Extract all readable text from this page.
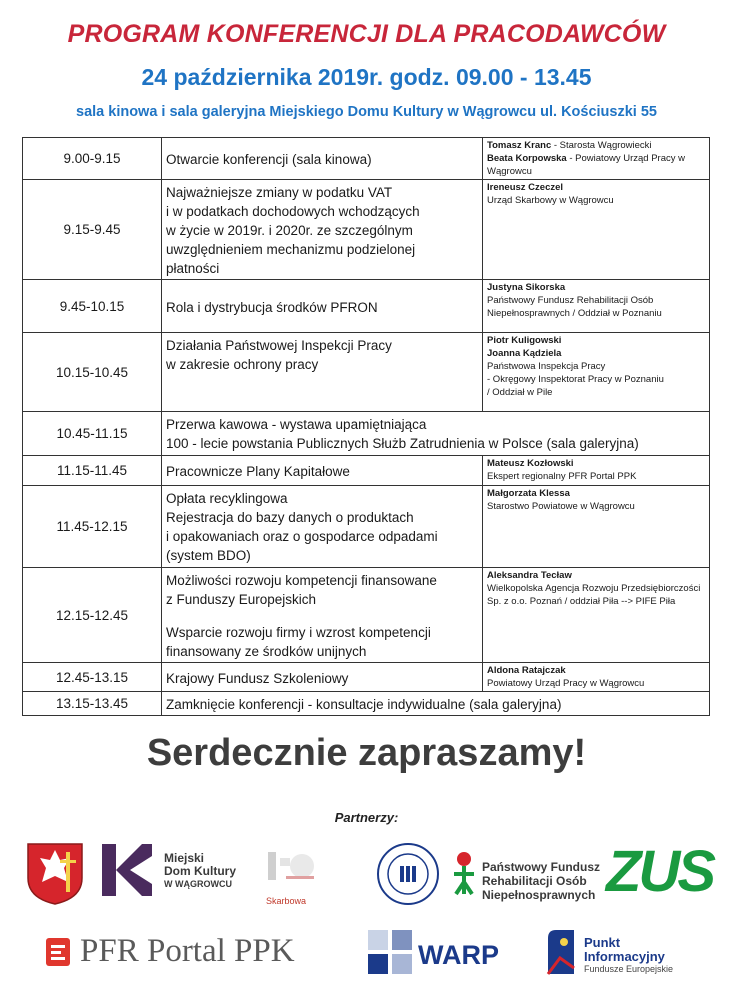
PROGRAM KONFERENCJI DLA PRACODAWCÓW
24 października 2019r. godz. 09.00 - 13.45
sala kinowa i sala galeryjna Miejskiego Domu Kultury w Wągrowcu ul. Kościuszki 55
9.00-9.15	Otwarcie konferencji (sala kinowa)	Tomasz Kranc - Starosta Wągrowiecki
Beata Korpowska - Powiatowy Urząd Pracy w Wągrowcu

9.15-9.45	Najważniejsze zmiany w podatku VAT
i w podatkach dochodowych wchodzących
w życie w 2019r. i 2020r. ze szczególnym
uwzględnieniem mechanizmu podzielonej
płatności	Ireneusz Czeczel
Urząd Skarbowy w Wągrowcu

9.45-10.15	Rola i dystrybucja środków PFRON	Justyna Sikorska
Państwowy Fundusz Rehabilitacji Osób Niepełnosprawnych / Oddział w Poznaniu

10.15-10.45	Działania Państwowej Inspekcji Pracy
w zakresie ochrony pracy	Piotr Kuligowski
Joanna Kądziela
Państwowa Inspekcja Pracy
- Okręgowy Inspektorat Pracy w Poznaniu
/ Oddział w Pile

10.45-11.15	Przerwa kawowa - wystawa upamiętniająca
100 - lecie powstania Publicznych Służb Zatrudnienia w Polsce (sala galeryjna)	

11.15-11.45	Pracownicze Plany Kapitałowe	Mateusz Kozłowski
Ekspert regionalny PFR Portal PPK

11.45-12.15	Opłata recyklingowa
Rejestracja do bazy danych o produktach
i opakowaniach oraz o gospodarce odpadami
(system BDO)	Małgorzata Klessa
Starostwo Powiatowe w Wągrowcu

12.15-12.45	Możliwości rozwoju kompetencji finansowane
z Funduszy Europejskich
Wsparcie rozwoju firmy i wzrost kompetencji
finansowany ze środków unijnych	Aleksandra Tecław
Wielkopolska Agencja Rozwoju Przedsiębiorczości Sp. z o.o. Poznań / oddział Piła --> PIFE Piła

12.45-13.15	Krajowy Fundusz Szkoleniowy	Aldona Ratajczak
Powiatowy Urząd Pracy w Wągrowcu

13.15-13.45	Zamknięcie konferencji - konsultacje indywidualne (sala galeryjna)	
Serdecznie zapraszamy!
Partnerzy:
Miejski
Dom Kultury
W WĄGROWCU
Skarbowa
Państwowy Fundusz
Rehabilitacji Osób
Niepełnosprawnych ZUS
PFR Portal PPK	WARP	Punkt
Informacyjny
Fundusze Europejskie
